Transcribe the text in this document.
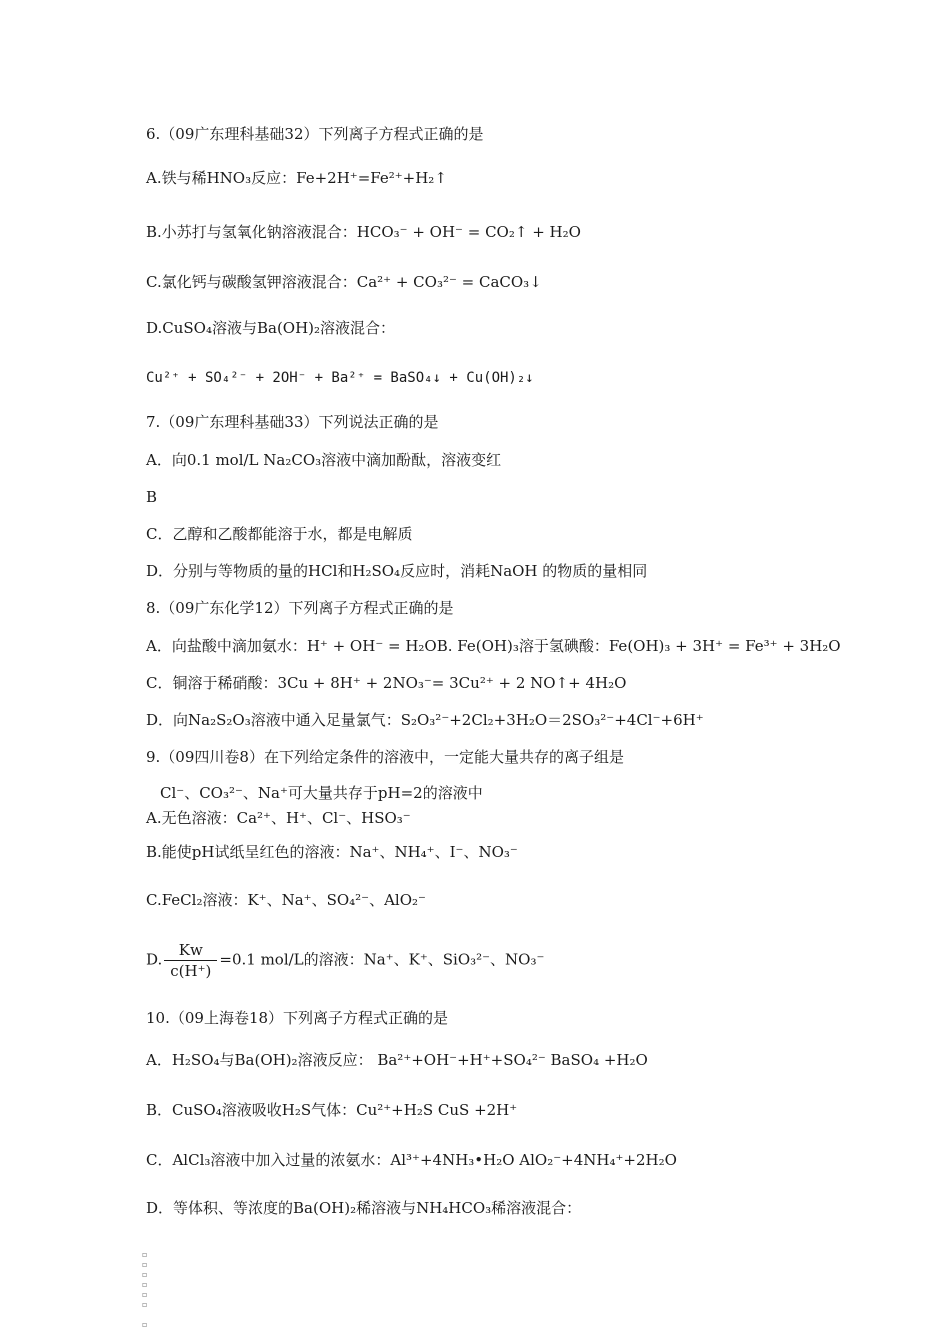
6.（09广东理科基础32）下列离子方程式正确的是
A.铁与稀HNO₃反应：Fe+2H⁺=Fe²⁺+H₂↑
B.小苏打与氢氧化钠溶液混合：HCO₃⁻ + OH⁻ = CO₂↑ + H₂O
C.氯化钙与碳酸氢钾溶液混合：Ca²⁺ + CO₃²⁻ = CaCO₃↓
D.CuSO₄溶液与Ba(OH)₂溶液混合：
Cu²⁺ + SO₄²⁻ + 2OH⁻ + Ba²⁺ = BaSO₄↓ + Cu(OH)₂↓
7.（09广东理科基础33）下列说法正确的是
A．向0.1 mol/L Na₂CO₃溶液中滴加酚酞，溶液变红
B
C．乙醇和乙酸都能溶于水，都是电解质
D．分别与等物质的量的HCl和H₂SO₄反应时，消耗NaOH 的物质的量相同
8.（09广东化学12）下列离子方程式正确的是
A．向盐酸中滴加氨水：H⁺ + OH⁻ = H₂OB. Fe(OH)₃溶于氢碘酸：Fe(OH)₃ + 3H⁺ = Fe³⁺ + 3H₂O
C．铜溶于稀硝酸：3Cu + 8H⁺ + 2NO₃⁻= 3Cu²⁺ + 2 NO↑+ 4H₂O
D．向Na₂S₂O₃溶液中通入足量氯气：S₂O₃²⁻+2Cl₂+3H₂O＝2SO₃²⁻+4Cl⁻+6H⁺
9.（09四川卷8）在下列给定条件的溶液中，一定能大量共存的离子组是
Cl⁻、CO₃²⁻、Na⁺可大量共存于pH=2的溶液中
A.无色溶液：Ca²⁺、H⁺、Cl⁻、HSO₃⁻
B.能使pH试纸呈红色的溶液：Na⁺、NH₄⁺、I⁻、NO₃⁻
C.FeCl₂溶液：K⁺、Na⁺、SO₄²⁻、AlO₂⁻
D. $\frac{Kw}{c(H^+)} =0.1$ mol/L的溶液：Na⁺、K⁺、SiO₃²⁻、NO₃⁻
10.（09上海卷18）下列离子方程式正确的是
A．H₂SO₄与Ba(OH)₂溶液反应： Ba²⁺+OH⁻+H⁺+SO₄²⁻ BaSO₄ +H₂O
B．CuSO₄溶液吸收H₂S气体：Cu²⁺+H₂S CuS +2H⁺
C．AlCl₃溶液中加入过量的浓氨水：Al³⁺+4NH₃•H₂O AlO₂⁻+4NH₄⁺+2H₂O
D．等体积、等浓度的Ba(OH)₂稀溶液与NH₄HCO₃稀溶液混合：
▫
▫
▫
▫
▫
▫

▫
